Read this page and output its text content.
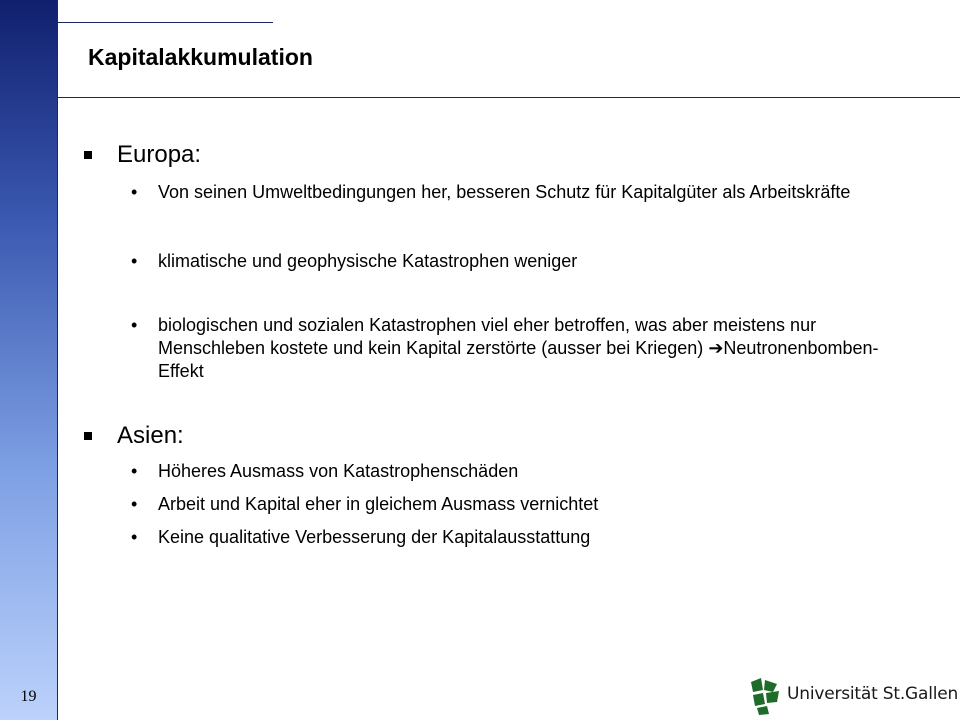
Kapitalakkumulation
Europa:
• Von seinen Umweltbedingungen her, besseren Schutz für Kapitalgüter als Arbeitskräfte
• klimatische und geophysische Katastrophen weniger
• biologischen und sozialen Katastrophen viel eher betroffen, was aber meistens nur Menschleben kostete und kein Kapital zerstörte (ausser bei Kriegen) ➔Neutronenbomben-Effekt
Asien:
• Höheres Ausmass von Katastrophenschäden
• Arbeit und Kapital eher in gleichem Ausmass vernichtet
• Keine qualitative Verbesserung der Kapitalausstattung
19	Universität St.Gallen
